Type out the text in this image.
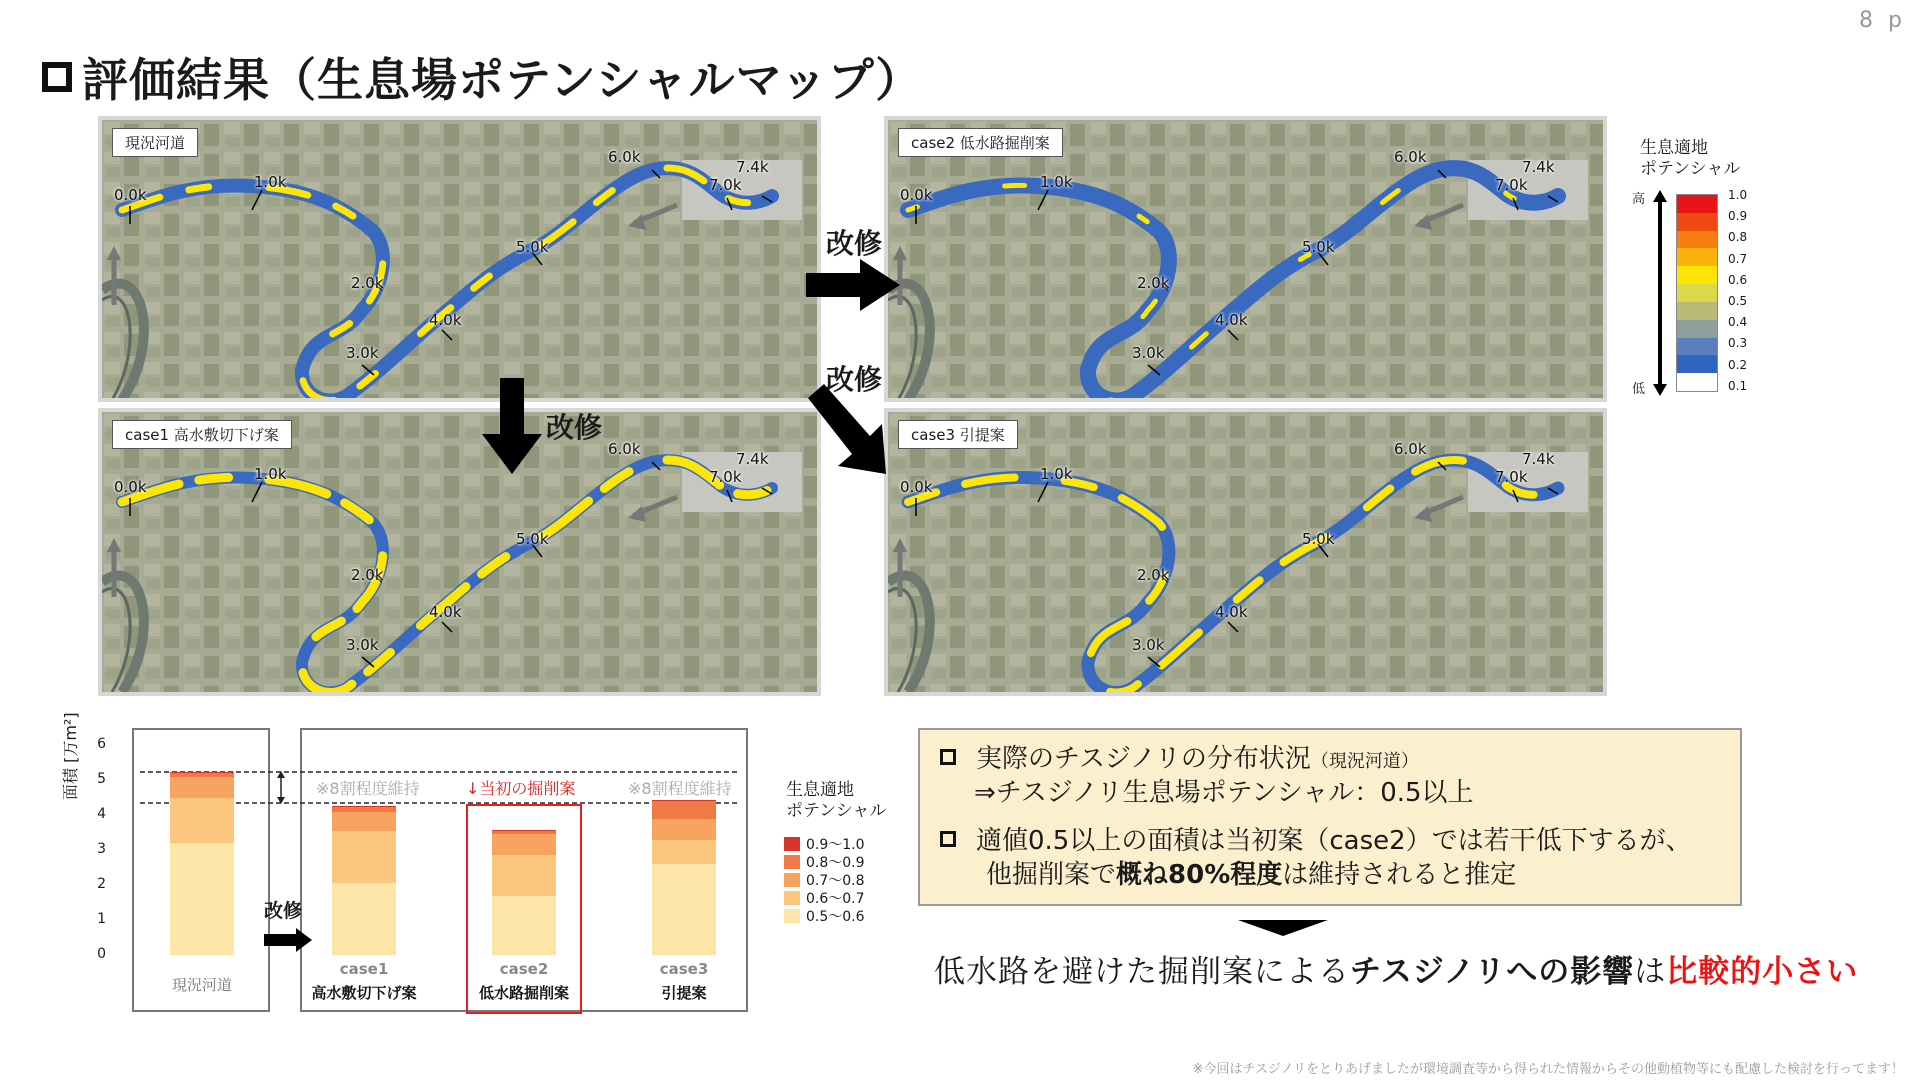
8 p
評価結果（生息場ポテンシャルマップ）
現況河道
0.0k
1.0k
2.0k
3.0k
4.0k
5.0k
6.0k
7.0k
7.4k
case2 低水路掘削案
0.0k
1.0k
2.0k
3.0k
4.0k
5.0k
6.0k
7.0k
7.4k
case1 高水敷切下げ案
0.0k
1.0k
2.0k
3.0k
4.0k
5.0k
6.0k
7.0k
7.4k
case3 引提案
0.0k
1.0k
2.0k
3.0k
4.0k
5.0k
6.0k
7.0k
7.4k
改修
改修
改修
生息適地
ポテンシャル
高
低
1.0
0.9
0.8
0.7
0.6
0.5
0.4
0.3
0.2
0.1
面積 [万m²]
0
1
2
3
4
5
6
※8割程度維持	↓当初の掘削案	※8割程度維持
現況河道
case1
高水敷切下げ案
case2
低水路掘削案
case3
引提案
改修
生息適地
ポテンシャル
0.9～1.0
0.8～0.9
0.7～0.8
0.6～0.7
0.5～0.6
実際のチスジノリの分布状況（現況河道）
⇒チスジノリ生息場ポテンシャル：0.5以上
適値0.5以上の面積は当初案（case2）では若干低下するが、
他掘削案で概ね80%程度は維持されると推定
低水路を避けた掘削案によるチスジノリへの影響は比較的小さい
※今回はチスジノリをとりあげましたが環境調査等から得られた情報からその他動植物等にも配慮した検討を行ってます！
